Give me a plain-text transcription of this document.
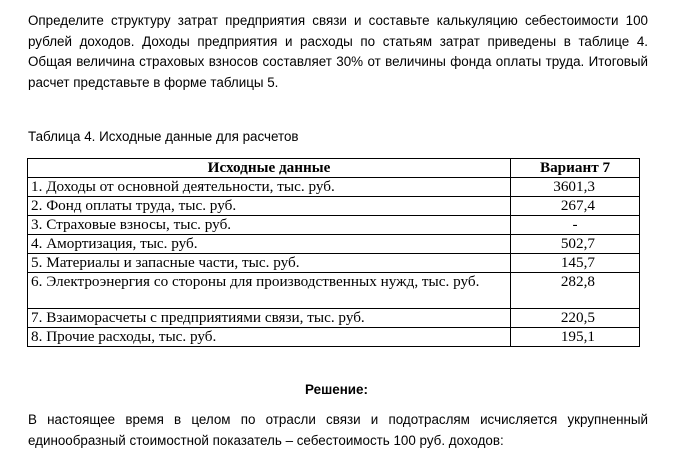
Определите структуру затрат предприятия связи и составьте калькуляцию себестоимости 100 рублей доходов. Доходы предприятия и расходы по статьям затрат приведены в таблице 4. Общая величина страховых взносов составляет 30% от величины фонда оплаты труда. Итоговый расчет представьте в форме таблицы 5.

Таблица 4. Исходные данные для расчетов

Исходные данные	Вариант 7
1. Доходы от основной деятельности, тыс. руб.	3601,3
2. Фонд оплаты труда, тыс. руб.	267,4
3. Страховые взносы, тыс. руб.	-
4. Амортизация, тыс. руб.	502,7
5. Материалы и запасные части, тыс. руб.	145,7
6. Электроэнергия со стороны для производственных нужд, тыс. руб.	282,8
7. Взаиморасчеты с предприятиями связи, тыс. руб.	220,5
8. Прочие расходы, тыс. руб.	195,1

Решение:

В настоящее время в целом по отрасли связи и подотраслям исчисляется укрупненный единообразный стоимостной показатель – себестоимость 100 руб. доходов:
